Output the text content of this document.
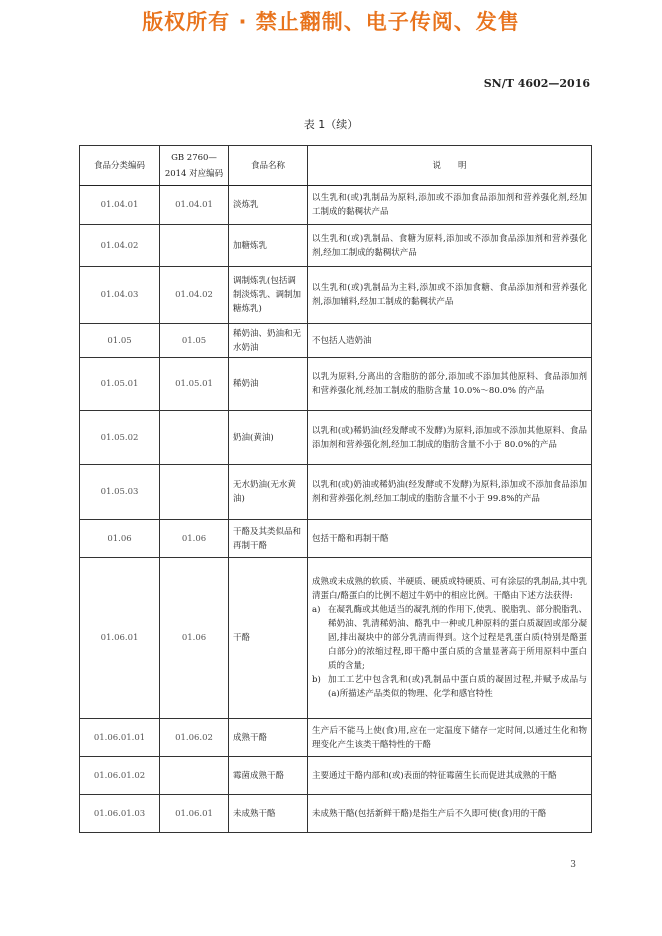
版权所有 · 禁止翻制、电子传阅、发售
SN/T 4602—2016
表 1（续）
食品分类编码	GB 2760—2014 对应编码	食品名称	说　　明
01.04.01	01.04.01	淡炼乳	以生乳和(或)乳制品为原料,添加或不添加食品添加剂和营养强化剂,经加工制成的黏稠状产品
01.04.02		加糖炼乳	以生乳和(或)乳制品、食糖为原料,添加或不添加食品添加剂和营养强化剂,经加工制成的黏稠状产品
01.04.03	01.04.02	调制炼乳(包括调制淡炼乳、调制加糖炼乳)	以生乳和(或)乳制品为主料,添加或不添加食糖、食品添加剂和营养强化剂,添加辅料,经加工制成的黏稠状产品
01.05	01.05	稀奶油、奶油和无水奶油	不包括人造奶油
01.05.01	01.05.01	稀奶油	以乳为原料,分离出的含脂肪的部分,添加或不添加其他原料、食品添加剂和营养强化剂,经加工制成的脂肪含量 10.0%～80.0% 的产品
01.05.02		奶油(黄油)	以乳和(或)稀奶油(经发酵或不发酵)为原料,添加或不添加其他原料、食品添加剂和营养强化剂,经加工制成的脂肪含量不小于 80.0%的产品
01.05.03		无水奶油(无水黄油)	以乳和(或)奶油或稀奶油(经发酵或不发酵)为原料,添加或不添加食品添加剂和营养强化剂,经加工制成的脂肪含量不小于 99.8%的产品
01.06	01.06	干酪及其类似品和再制干酪	包括干酪和再制干酪
01.06.01	01.06	干酪	成熟或未成熟的软质、半硬质、硬质或特硬质、可有涂层的乳制品,其中乳清蛋白/酪蛋白的比例不超过牛奶中的相应比例。干酪由下述方法获得:

a) 在凝乳酶或其他适当的凝乳剂的作用下,使乳、脱脂乳、部分脱脂乳、稀奶油、乳清稀奶油、酪乳中一种或几种原料的蛋白质凝固或部分凝固,排出凝块中的部分乳清而得到。这个过程是乳蛋白质(特别是酪蛋白部分)的浓缩过程,即干酪中蛋白质的含量显著高于所用原料中蛋白质的含量;
b) 加工工艺中包含乳和(或)乳制品中蛋白质的凝固过程,并赋予成品与(a)所描述产品类似的物理、化学和感官特性

01.06.01.01	01.06.02	成熟干酪	生产后不能马上使(食)用,应在一定温度下储存一定时间,以通过生化和物理变化产生该类干酪特性的干酪
01.06.01.02		霉菌成熟干酪	主要通过干酪内部和(或)表面的特征霉菌生长而促进其成熟的干酪
01.06.01.03	01.06.01	未成熟干酪	未成熟干酪(包括新鲜干酪)是指生产后不久即可使(食)用的干酪
3
